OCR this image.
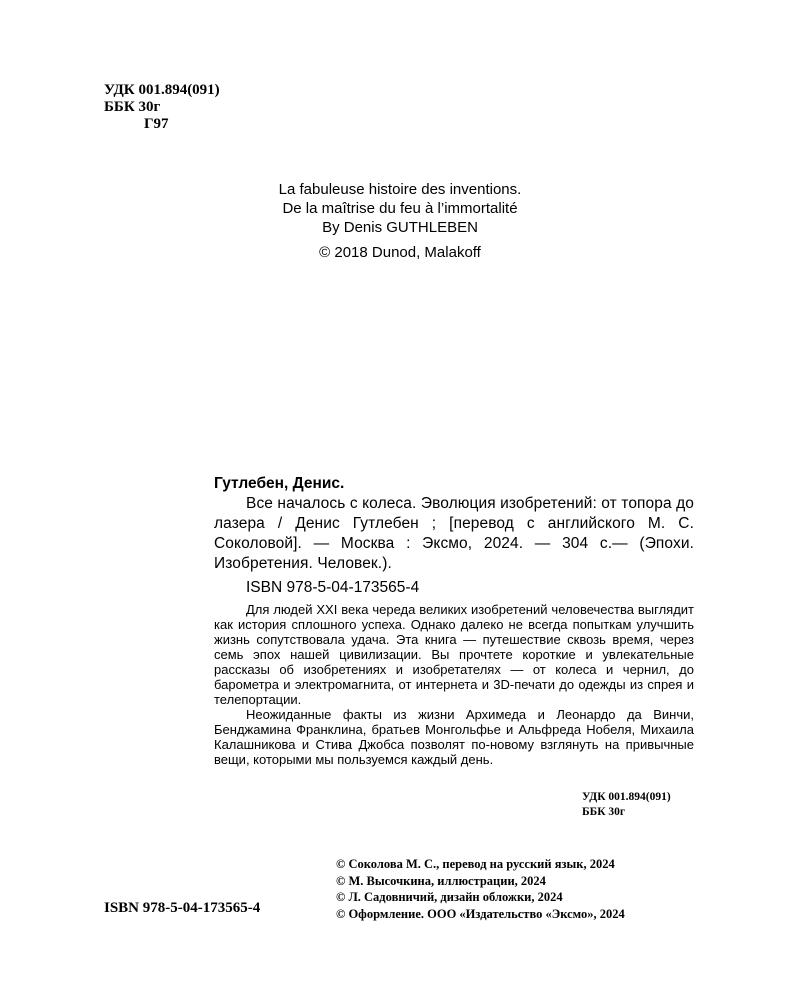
УДК 001.894(091)
ББК 30г
Г97
La fabuleuse histoire des inventions.
De la maîtrise du feu à l’immortalité
By Denis GUTHLEBEN
© 2018 Dunod, Malakoff
Гутлебен, Денис.
Все началось с колеса. Эволюция изобретений: от топора до лазера / Денис Гутлебен ; [перевод с английского М. С. Соколовой]. — Москва : Эксмо, 2024. — 304 с.— (Эпохи. Изобретения. Человек.).
ISBN 978-5-04-173565-4

Для людей XXI века череда великих изобретений человечества выглядит как история сплошного успеха. Однако далеко не всегда попыткам улучшить жизнь сопутствовала удача. Эта книга — путешествие сквозь время, через семь эпох нашей цивилизации. Вы прочтете короткие и увлекательные рассказы об изобретениях и изобретателях — от колеса и чернил, до барометра и электромагнита, от интернета и 3D-печати до одежды из спрея и телепортации.

Неожиданные факты из жизни Архимеда и Леонардо да Винчи, Бенджамина Франклина, братьев Монгольфье и Альфреда Нобеля, Михаила Калашникова и Стива Джобса позволят по-новому взглянуть на привычные вещи, которыми мы пользуемся каждый день.

УДК 001.894(091)
ББК 30г
© Соколова М. С., перевод на русский язык, 2024
© М. Высочкина, иллюстрации, 2024
© Л. Садовничий, дизайн обложки, 2024
© Оформление. ООО «Издательство «Эксмо», 2024
ISBN 978-5-04-173565-4
